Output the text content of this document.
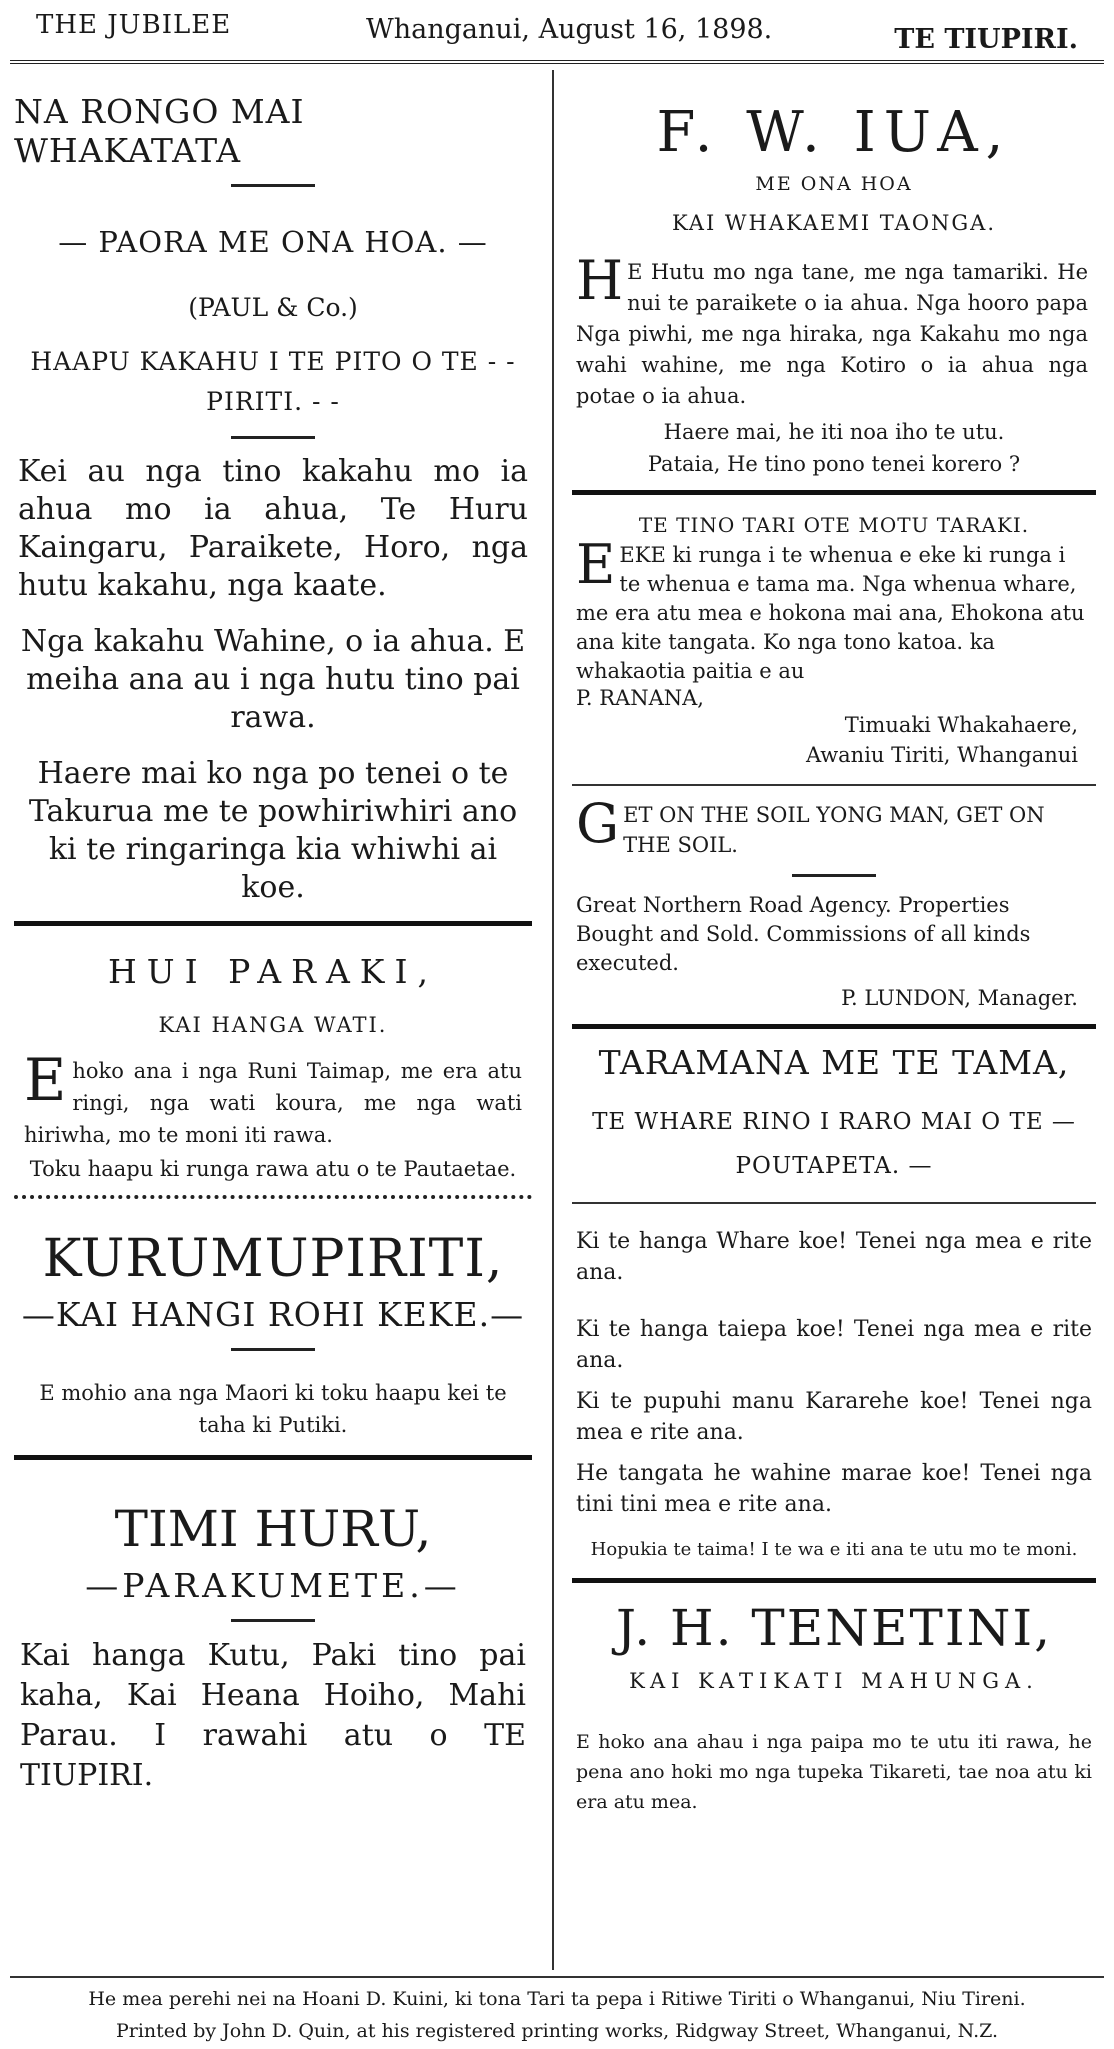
THE JUBILEE	Whanganui, August 16, 1898.	TE TIUPIRI.
NA RONGO MAI WHAKATATA
— PAORA ME ONA HOA. —
(PAUL & Co.)
HAAPU KAKAHU I TE PITO O TE - - PIRITI. - -
Kei au nga tino kakahu mo ia ahua mo ia ahua, Te Huru Kaingaru, Paraikete, Horo, nga hutu kakahu, nga kaate.
Nga kakahu Wahine, o ia ahua. E meiha ana au i nga hutu tino pai rawa.
Haere mai ko nga po tenei o te Takurua me te powhiriwhiri ano ki te ringaringa kia whiwhi ai koe.
HUI PARAKI,
KAI HANGA WATI.
E hoko ana i nga Runi Taimap, me era atu ringi, nga wati koura, me nga wati hiriwha, mo te moni iti rawa.
Toku haapu ki runga rawa atu o te Pautaetae.
KURUMUPIRITI,
—KAI HANGI ROHI KEKE.—
E mohio ana nga Maori ki toku haapu kei te taha ki Putiki.
TIMI HURU,
—PARAKUMETE.—
Kai hanga Kutu, Paki tino pai kaha, Kai Heana Hoiho, Mahi Parau. I rawahi atu o TE TIUPIRI.
F. W. IUA,
ME ONA HOA
KAI WHAKAEMI TAONGA.
H E Hutu mo nga tane, me nga tamariki. He nui te paraikete o ia ahua. Nga hooro papa Nga piwhi, me nga hiraka, nga Kakahu mo nga wahi wahine, me nga Kotiro o ia ahua nga potae o ia ahua.
Haere mai, he iti noa iho te utu.
Pataia, He tino pono tenei korero ?
TE TINO TARI OTE MOTU TARAKI.
E EKE ki runga i te whenua e eke ki runga i te whenua e tama ma. Nga whenua whare, me era atu mea e hokona mai ana, Ehokona atu ana kite tangata. Ko nga tono katoa. ka whakaotia paitia e au
P. RANANA,
Timuaki Whakahaere,
Awaniu Tiriti, Whanganui
G ET ON THE SOIL YONG MAN, GET ON THE SOIL.
Great Northern Road Agency. Properties Bought and Sold. Commissions of all kinds executed.
P. LUNDON, Manager.
TARAMANA ME TE TAMA,
TE WHARE RINO I RARO MAI O TE — POUTAPETA. —
Ki te hanga Whare koe! Tenei nga mea e rite ana.
Ki te hanga taiepa koe! Tenei nga mea e rite ana.
Ki te pupuhi manu Kararehe koe! Tenei nga mea e rite ana.
He tangata he wahine marae koe! Tenei nga tini tini mea e rite ana.
Hopukia te taima! I te wa e iti ana te utu mo te moni.
J. H. TENETINI,
KAI KATIKATI MAHUNGA.
E hoko ana ahau i nga paipa mo te utu iti rawa, he pena ano hoki mo nga tupeka Tikareti, tae noa atu ki era atu mea.
He mea perehi nei na Hoani D. Kuini, ki tona Tari ta pepa i Ritiwe Tiriti o Whanganui, Niu Tireni.
Printed by John D. Quin, at his registered printing works, Ridgway Street, Whanganui, N.Z.
